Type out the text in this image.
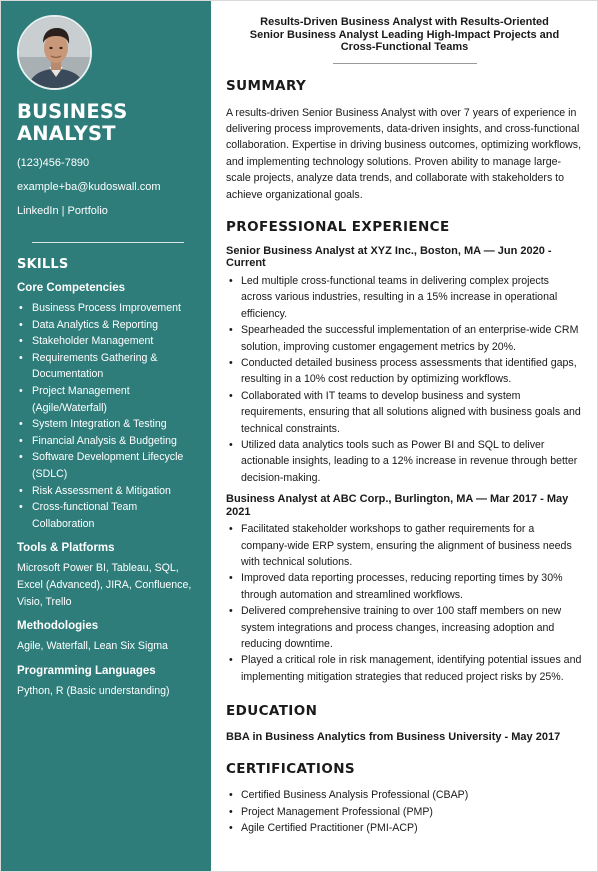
BUSINESS
ANALYST
(123)456-7890
example+ba@kudoswall.com
LinkedIn | Portfolio
SKILLS
Core Competencies
• Business Process Improvement
• Data Analytics & Reporting
• Stakeholder Management
• Requirements Gathering & Documentation
• Project Management (Agile/Waterfall)
• System Integration & Testing
• Financial Analysis & Budgeting
• Software Development Lifecycle (SDLC)
• Risk Assessment & Mitigation
• Cross-functional Team Collaboration
Tools & Platforms
Microsoft Power BI, Tableau, SQL, Excel (Advanced), JIRA, Confluence, Visio, Trello
Methodologies
Agile, Waterfall, Lean Six Sigma
Programming Languages
Python, R (Basic understanding)
Results-Driven Business Analyst with Results-Oriented Senior Business Analyst Leading High-Impact Projects and Cross-Functional Teams
SUMMARY

A results-driven Senior Business Analyst with over 7 years of experience in delivering process improvements, data-driven insights, and cross-functional collaboration. Expertise in driving business outcomes, optimizing workflows, and implementing technology solutions. Proven ability to manage large-scale projects, analyze data trends, and collaborate with stakeholders to achieve organizational goals.

PROFESSIONAL EXPERIENCE
Senior Business Analyst at XYZ Inc., Boston, MA — Jun 2020 - Current
• Led multiple cross-functional teams in delivering complex projects across various industries, resulting in a 15% increase in operational efficiency.
• Spearheaded the successful implementation of an enterprise-wide CRM solution, improving customer engagement metrics by 20%.
• Conducted detailed business process assessments that identified gaps, resulting in a 10% cost reduction by optimizing workflows.
• Collaborated with IT teams to develop business and system requirements, ensuring that all solutions aligned with business goals and technical constraints.
• Utilized data analytics tools such as Power BI and SQL to deliver actionable insights, leading to a 12% increase in revenue through better decision-making.
Business Analyst at ABC Corp., Burlington, MA — Mar 2017 - May 2021
• Facilitated stakeholder workshops to gather requirements for a company-wide ERP system, ensuring the alignment of business needs with technical solutions.
• Improved data reporting processes, reducing reporting times by 30% through automation and streamlined workflows.
• Delivered comprehensive training to over 100 staff members on new system integrations and process changes, increasing adoption and reducing downtime.
• Played a critical role in risk management, identifying potential issues and implementing mitigation strategies that reduced project risks by 25%.
EDUCATION
BBA in Business Analytics from Business University - May 2017
CERTIFICATIONS
• Certified Business Analysis Professional (CBAP)
• Project Management Professional (PMP)
• Agile Certified Practitioner (PMI-ACP)
